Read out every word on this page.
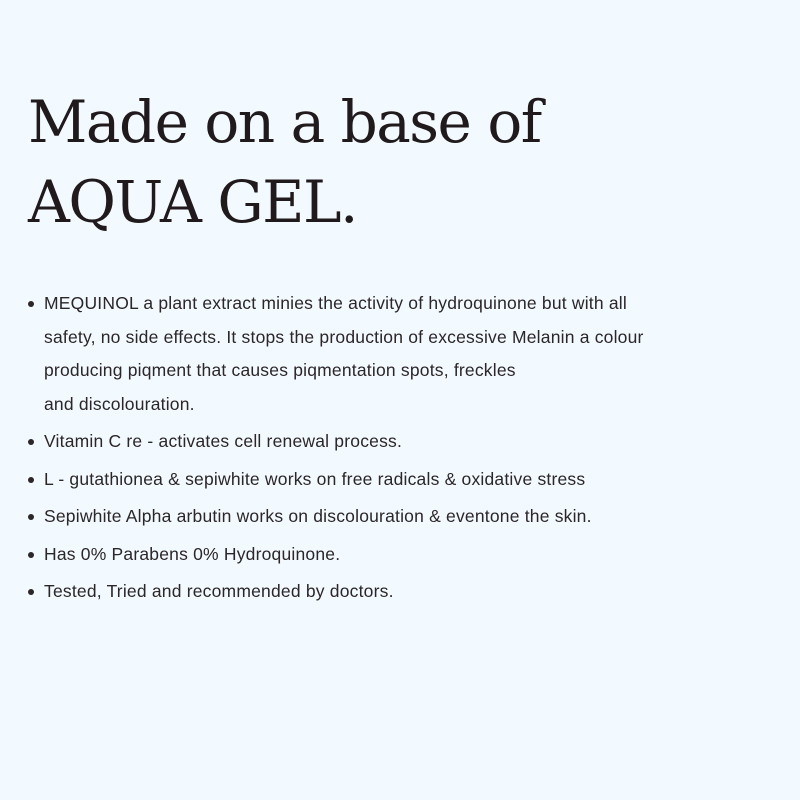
Made on a base of
AQUA GEL.
MEQUINOL a plant extract minies the activity of hydroquinone but with all
safety, no side effects. It stops the production of excessive Melanin a colour
producing piqment that causes piqmentation spots, freckles
and discolouration.
Vitamin C re - activates cell renewal process.
L - gutathionea & sepiwhite works on free radicals & oxidative stress
Sepiwhite Alpha arbutin works on discolouration & eventone the skin.
Has 0% Parabens 0% Hydroquinone.
Tested, Tried and recommended by doctors.
